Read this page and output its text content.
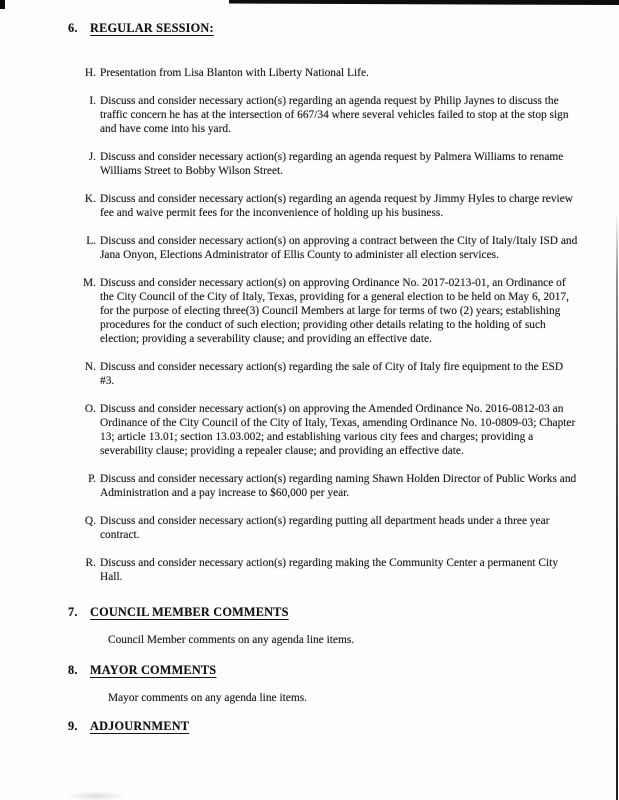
6. REGULAR SESSION:
H. Presentation from Lisa Blanton with Liberty National Life.
I. Discuss and consider necessary action(s) regarding an agenda request by Philip Jaynes to discuss the traffic concern he has at the intersection of 667/34 where several vehicles failed to stop at the stop sign and have come into his yard.
J. Discuss and consider necessary action(s) regarding an agenda request by Palmera Williams to rename Williams Street to Bobby Wilson Street.
K. Discuss and consider necessary action(s) regarding an agenda request by Jimmy Hyles to charge review fee and waive permit fees for the inconvenience of holding up his business.
L. Discuss and consider necessary action(s) on approving a contract between the City of Italy/Italy ISD and Jana Onyon, Elections Administrator of Ellis County to administer all election services.
M. Discuss and consider necessary action(s) on approving Ordinance No. 2017-0213-01, an Ordinance of the City Council of the City of Italy, Texas, providing for a general election to be held on May 6, 2017, for the purpose of electing three(3) Council Members at large for terms of two (2) years; establishing procedures for the conduct of such election; providing other details relating to the holding of such election; providing a severability clause; and providing an effective date.
N. Discuss and consider necessary action(s) regarding the sale of City of Italy fire equipment to the ESD #3.
O. Discuss and consider necessary action(s) on approving the Amended Ordinance No. 2016-0812-03 an Ordinance of the City Council of the City of Italy, Texas, amending Ordinance No. 10-0809-03; Chapter 13; article 13.01; section 13.03.002; and establishing various city fees and charges; providing a severability clause; providing a repealer clause; and providing an effective date.
P. Discuss and consider necessary action(s) regarding naming Shawn Holden Director of Public Works and Administration and a pay increase to $60,000 per year.
Q. Discuss and consider necessary action(s) regarding putting all department heads under a three year contract.
R. Discuss and consider necessary action(s) regarding making the Community Center a permanent City Hall.
7. COUNCIL MEMBER COMMENTS
Council Member comments on any agenda line items.
8. MAYOR COMMENTS
Mayor comments on any agenda line items.
9. ADJOURNMENT
